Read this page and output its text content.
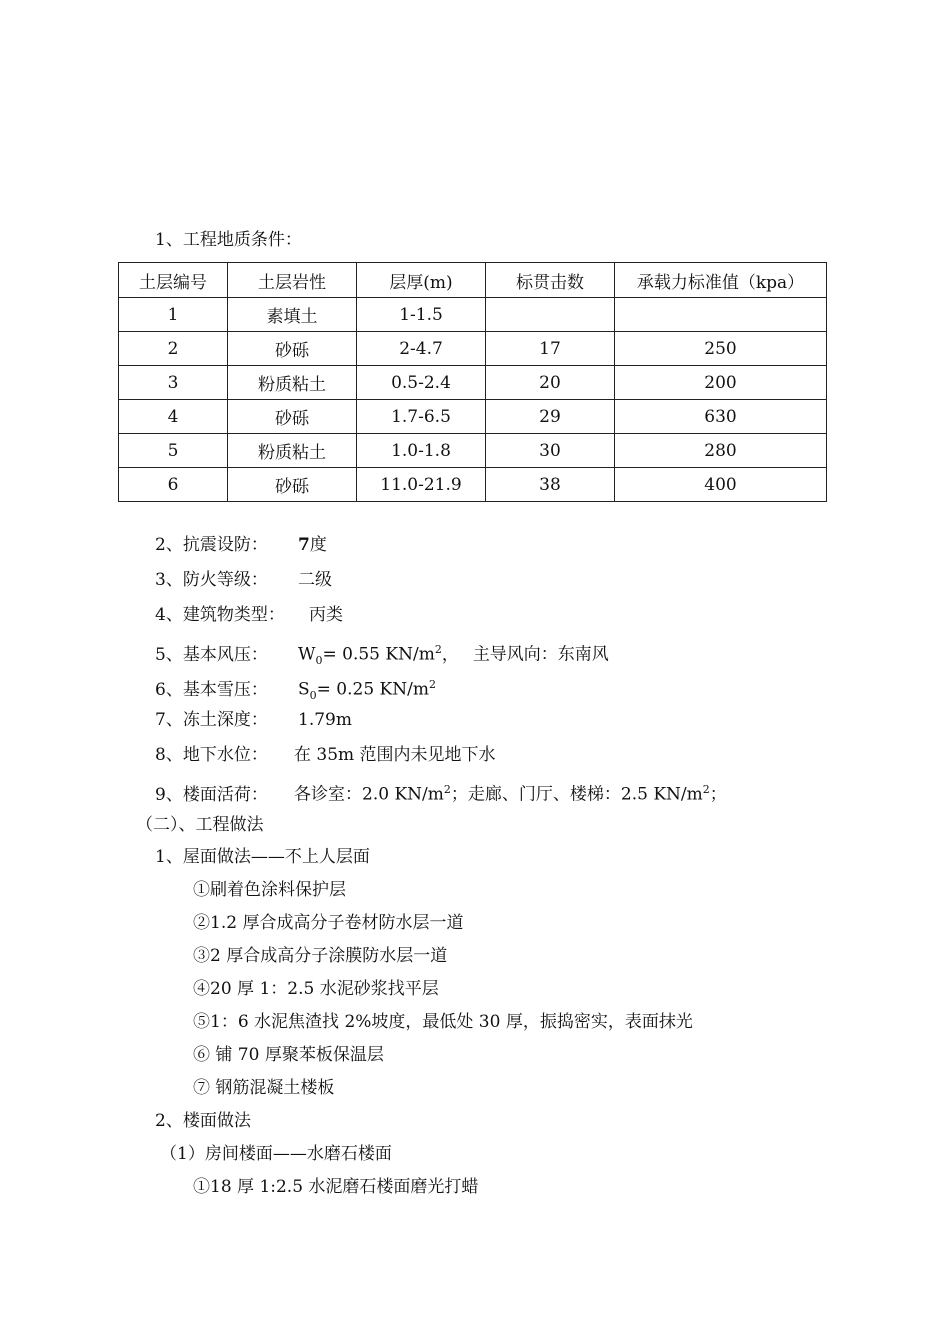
1、工程地质条件：
土层编号	土层岩性	层厚(m)	标贯击数	承载力标准值（kpa）
1	素填土	1-1.5		
2	砂砾	2-4.7	17	250
3	粉质粘土	0.5-2.4	20	200
4	砂砾	1.7-6.5	29	630
5	粉质粘土	1.0-1.8	30	280
6	砂砾	11.0-21.9	38	400
2、抗震设防： 7度
3、防火等级： 二级
4、建筑物类型： 丙类
5、基本风压： $W_0= 0.55$ $KN/m^2$， 主导风向：东南风
6、基本雪压： $S_0= 0.25$ $KN/m^2$
7、冻土深度： 1.79m
8、地下水位： 在 35m 范围内未见地下水
9、楼面活荷： 各诊室：2.0 $KN/m^2$；走廊、门厅、楼梯：2.5 $KN/m^2$；
（二）、工程做法
1、屋面做法——不上人层面
①刷着色涂料保护层
②1.2 厚合成高分子卷材防水层一道
③2 厚合成高分子涂膜防水层一道
④20 厚 1：2.5 水泥砂浆找平层
⑤1：6 水泥焦渣找 2%坡度，最低处 30 厚，振捣密实，表面抹光
⑥ 铺 70 厚聚苯板保温层
⑦ 钢筋混凝土楼板
2、楼面做法
（1）房间楼面——水磨石楼面
①18 厚 1:2.5 水泥磨石楼面磨光打蜡
